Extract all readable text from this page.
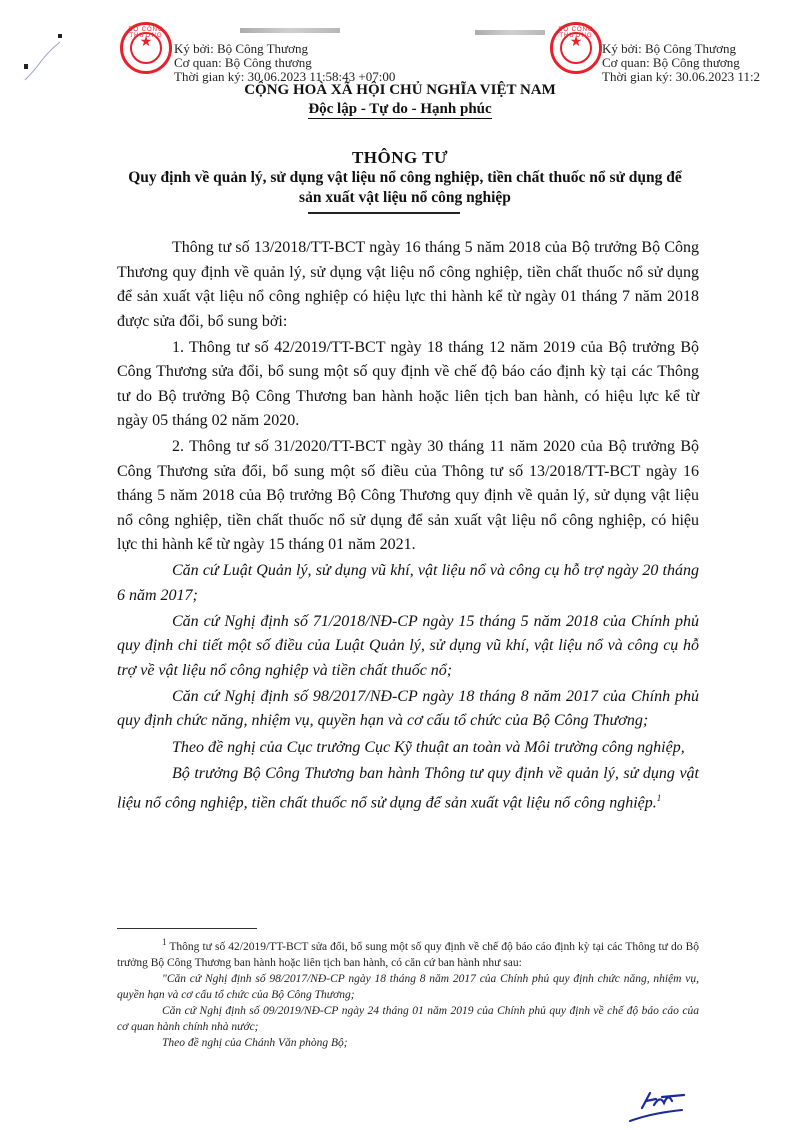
BỘ CÔNG THƯƠNG
★	Ký bởi: Bộ Công Thương
Cơ quan: Bộ Công thương
Thời gian ký: 30.06.2023 11:58:43 +07:00
BỘ CÔNG THƯƠNG
★	Ký bởi: Bộ Công Thương
Cơ quan: Bộ Công thương
Thời gian ký: 30.06.2023 11:2
CỘNG HOÀ XÃ HỘI CHỦ NGHĨA VIỆT NAM
Độc lập - Tự do - Hạnh phúc
THÔNG TƯ
Quy định về quản lý, sử dụng vật liệu nổ công nghiệp, tiền chất thuốc nổ sử dụng để sản xuất vật liệu nổ công nghiệp

Thông tư số 13/2018/TT-BCT ngày 16 tháng 5 năm 2018 của Bộ trưởng Bộ Công Thương quy định về quản lý, sử dụng vật liệu nổ công nghiệp, tiền chất thuốc nổ sử dụng để sản xuất vật liệu nổ công nghiệp có hiệu lực thi hành kể từ ngày 01 tháng 7 năm 2018 được sửa đổi, bổ sung bởi:

1. Thông tư số 42/2019/TT-BCT ngày 18 tháng 12 năm 2019 của Bộ trưởng Bộ Công Thương sửa đổi, bổ sung một số quy định về chế độ báo cáo định kỳ tại các Thông tư do Bộ trưởng Bộ Công Thương ban hành hoặc liên tịch ban hành, có hiệu lực kể từ ngày 05 tháng 02 năm 2020.

2. Thông tư số 31/2020/TT-BCT ngày 30 tháng 11 năm 2020 của Bộ trưởng Bộ Công Thương sửa đổi, bổ sung một số điều của Thông tư số 13/2018/TT-BCT ngày 16 tháng 5 năm 2018 của Bộ trưởng Bộ Công Thương quy định về quản lý, sử dụng vật liệu nổ công nghiệp, tiền chất thuốc nổ sử dụng để sản xuất vật liệu nổ công nghiệp, có hiệu lực thi hành kể từ ngày 15 tháng 01 năm 2021.

Căn cứ Luật Quản lý, sử dụng vũ khí, vật liệu nổ và công cụ hỗ trợ ngày 20 tháng 6 năm 2017;

Căn cứ Nghị định số 71/2018/NĐ-CP ngày 15 tháng 5 năm 2018 của Chính phủ quy định chi tiết một số điều của Luật Quản lý, sử dụng vũ khí, vật liệu nổ và công cụ hỗ trợ về vật liệu nổ công nghiệp và tiền chất thuốc nổ;

Căn cứ Nghị định số 98/2017/NĐ-CP ngày 18 tháng 8 năm 2017 của Chính phủ quy định chức năng, nhiệm vụ, quyền hạn và cơ cấu tổ chức của Bộ Công Thương;

Theo đề nghị của Cục trưởng Cục Kỹ thuật an toàn và Môi trường công nghiệp,

Bộ trưởng Bộ Công Thương ban hành Thông tư quy định về quản lý, sử dụng vật liệu nổ công nghiệp, tiền chất thuốc nổ sử dụng để sản xuất vật liệu nổ công nghiệp.$^1$

$^1$ Thông tư số 42/2019/TT-BCT sửa đổi, bổ sung một số quy định về chế độ báo cáo định kỳ tại các Thông tư do Bộ trưởng Bộ Công Thương ban hành hoặc liên tịch ban hành, có căn cứ ban hành như sau:

"Căn cứ Nghị định số 98/2017/NĐ-CP ngày 18 tháng 8 năm 2017 của Chính phủ quy định chức năng, nhiệm vụ, quyền hạn và cơ cấu tổ chức của Bộ Công Thương;

Căn cứ Nghị định số 09/2019/NĐ-CP ngày 24 tháng 01 năm 2019 của Chính phủ quy định về chế độ báo cáo của cơ quan hành chính nhà nước;

Theo đề nghị của Chánh Văn phòng Bộ;
